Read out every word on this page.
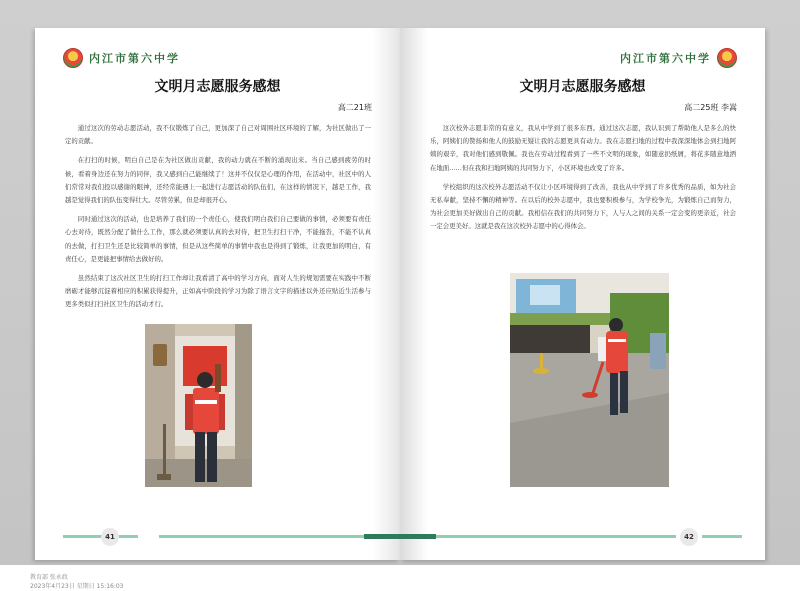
内江市第六中学
文明月志愿服务感想
高二21班

通过这次的劳动志愿活动，我不仅锻炼了自己，更加深了自己对周围社区环境的了解，为社区做出了一定的贡献。

在打扫的时候，明白自己是在为社区做出贡献，我的动力就在不断的涌现出来。当自己感到疲劳的时候，看着身边还在努力的同伴，我又感到自己能继续了！这并不仅仅是心理的作用，在活动中，社区中的人们常常对我们投以感谢的眼神，还经常能遇上一起进行志愿活动的队伍们，在这样的情况下，越是工作，我越是觉得我们的队伍变得壮大。尽管劳累，但是却很开心。

同时通过这次的活动，也是培养了我们的一个责任心，使我们明白我们自己要做的事情，必须要有责任心去对待，既然分配了做什么工作，那么就必须要认真的去对待，把卫生打扫干净，不能拖沓，不能不认真的去做，打扫卫生还是比较简单的事情，但是从这些简单的事情中我也是得到了锻炼，让我更加的明白，有责任心，是更能把事情给去做好的。

虽然结束了这次社区卫生的打扫工作却让我看清了高中的学习方向，面对人生的规划需要在实践中不断磨砺才能够沉淀着相应的积累获得提升，正如高中阶段的学习为除了语言文字的描述以外还应贴近生活参与更多类似打扫社区卫生的活动才行。

41
内江市第六中学
文明月志愿服务感想
高二25班 李嵩

这次校外志愿非常的有意义，我从中学到了很多东西。通过这次志愿，我认识到了帮助他人是多么的快乐，阿姨们的赞扬和他人的鼓励无疑让我的志愿更具有动力。我在志愿扫地的过程中我深深地体会到扫地阿姨的艰辛，我对他们感到敬佩。我也在劳动过程看到了一些不文明的现象，如随意扔纸屑，将花多随意地洒在地面……但在我和扫地阿姨的共同努力下，小区环境也改变了许多。

学校组织的这次校外志愿活动不仅让小区环境得到了改善，我也从中学到了许多优秀的品质，如为社会无私奉献，坚持不懈的精神等。在以后的校外志愿中，我也要积极参与，为学校争光，为锻炼自己而努力，为社会更加美好做出自己的贡献。我相信在我们的共同努力下，人与人之间的关系一定会变的更亲近，社会一定会更美好。这就是我在这次校外志愿中的心得体会。

42
教育部 张永政
2023年4月23日 星期日 15:16:03
